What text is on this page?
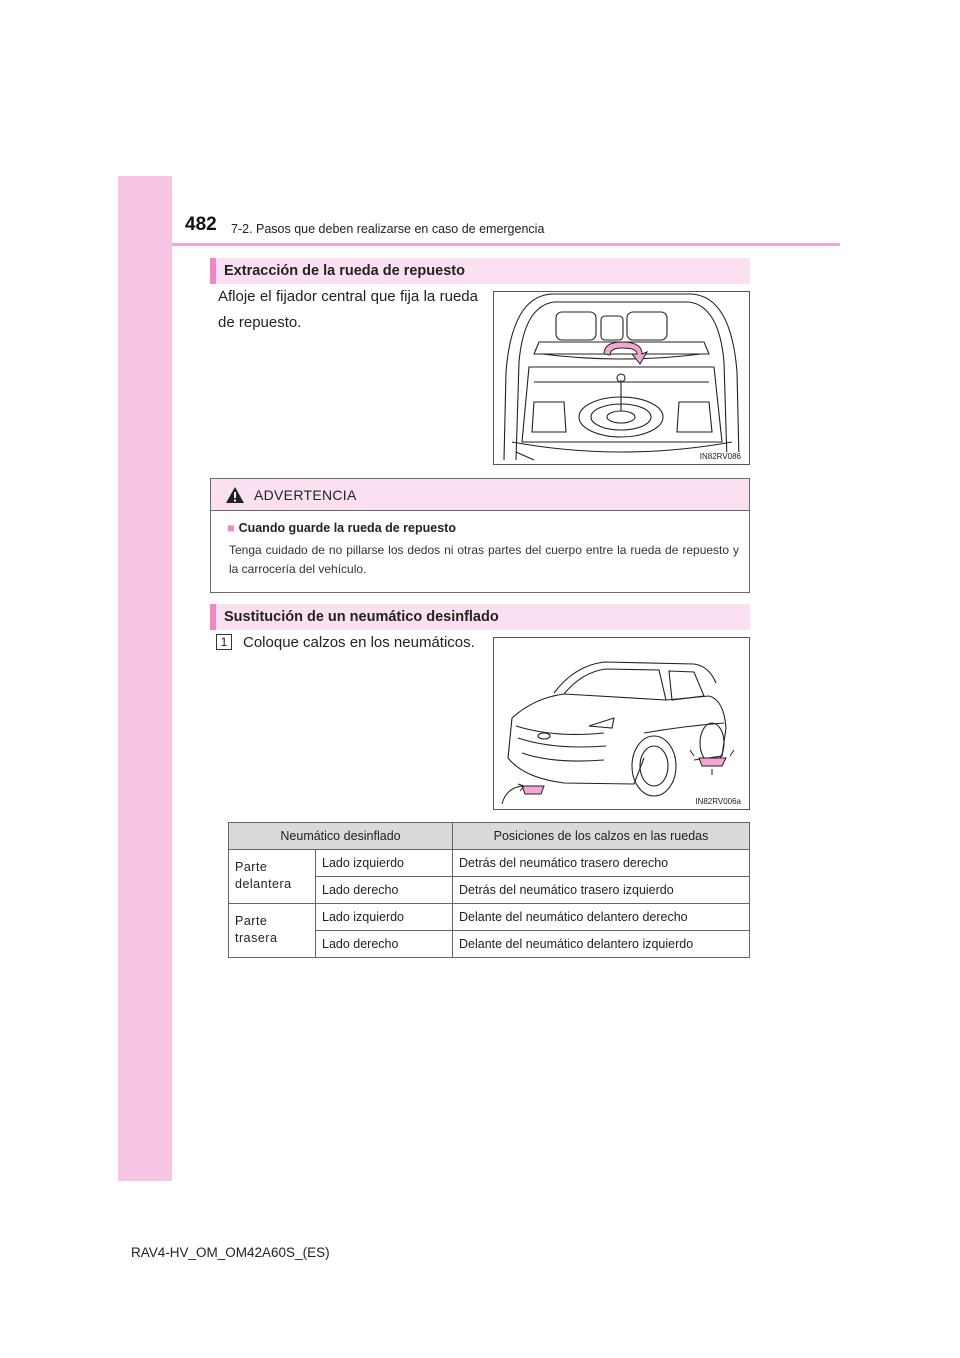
482 7-2. Pasos que deben realizarse en caso de emergencia
Extracción de la rueda de repuesto
Afloje el fijador central que fija la rueda de repuesto.
IN82RV086
ADVERTENCIA
■ Cuando guarde la rueda de repuesto
Tenga cuidado de no pillarse los dedos ni otras partes del cuerpo entre la rueda de repuesto y la carrocería del vehículo.
Sustitución de un neumático desinflado
1	Coloque calzos en los neumáticos.
IN82RV006a
Neumático desinflado		Posiciones de los calzos en las ruedas
Parte delantera	Lado izquierdo	Detrás del neumático trasero derecho
	Lado derecho	Detrás del neumático trasero izquierdo
Parte trasera	Lado izquierdo	Delante del neumático delantero derecho
	Lado derecho	Delante del neumático delantero izquierdo
RAV4-HV_OM_OM42A60S_(ES)
